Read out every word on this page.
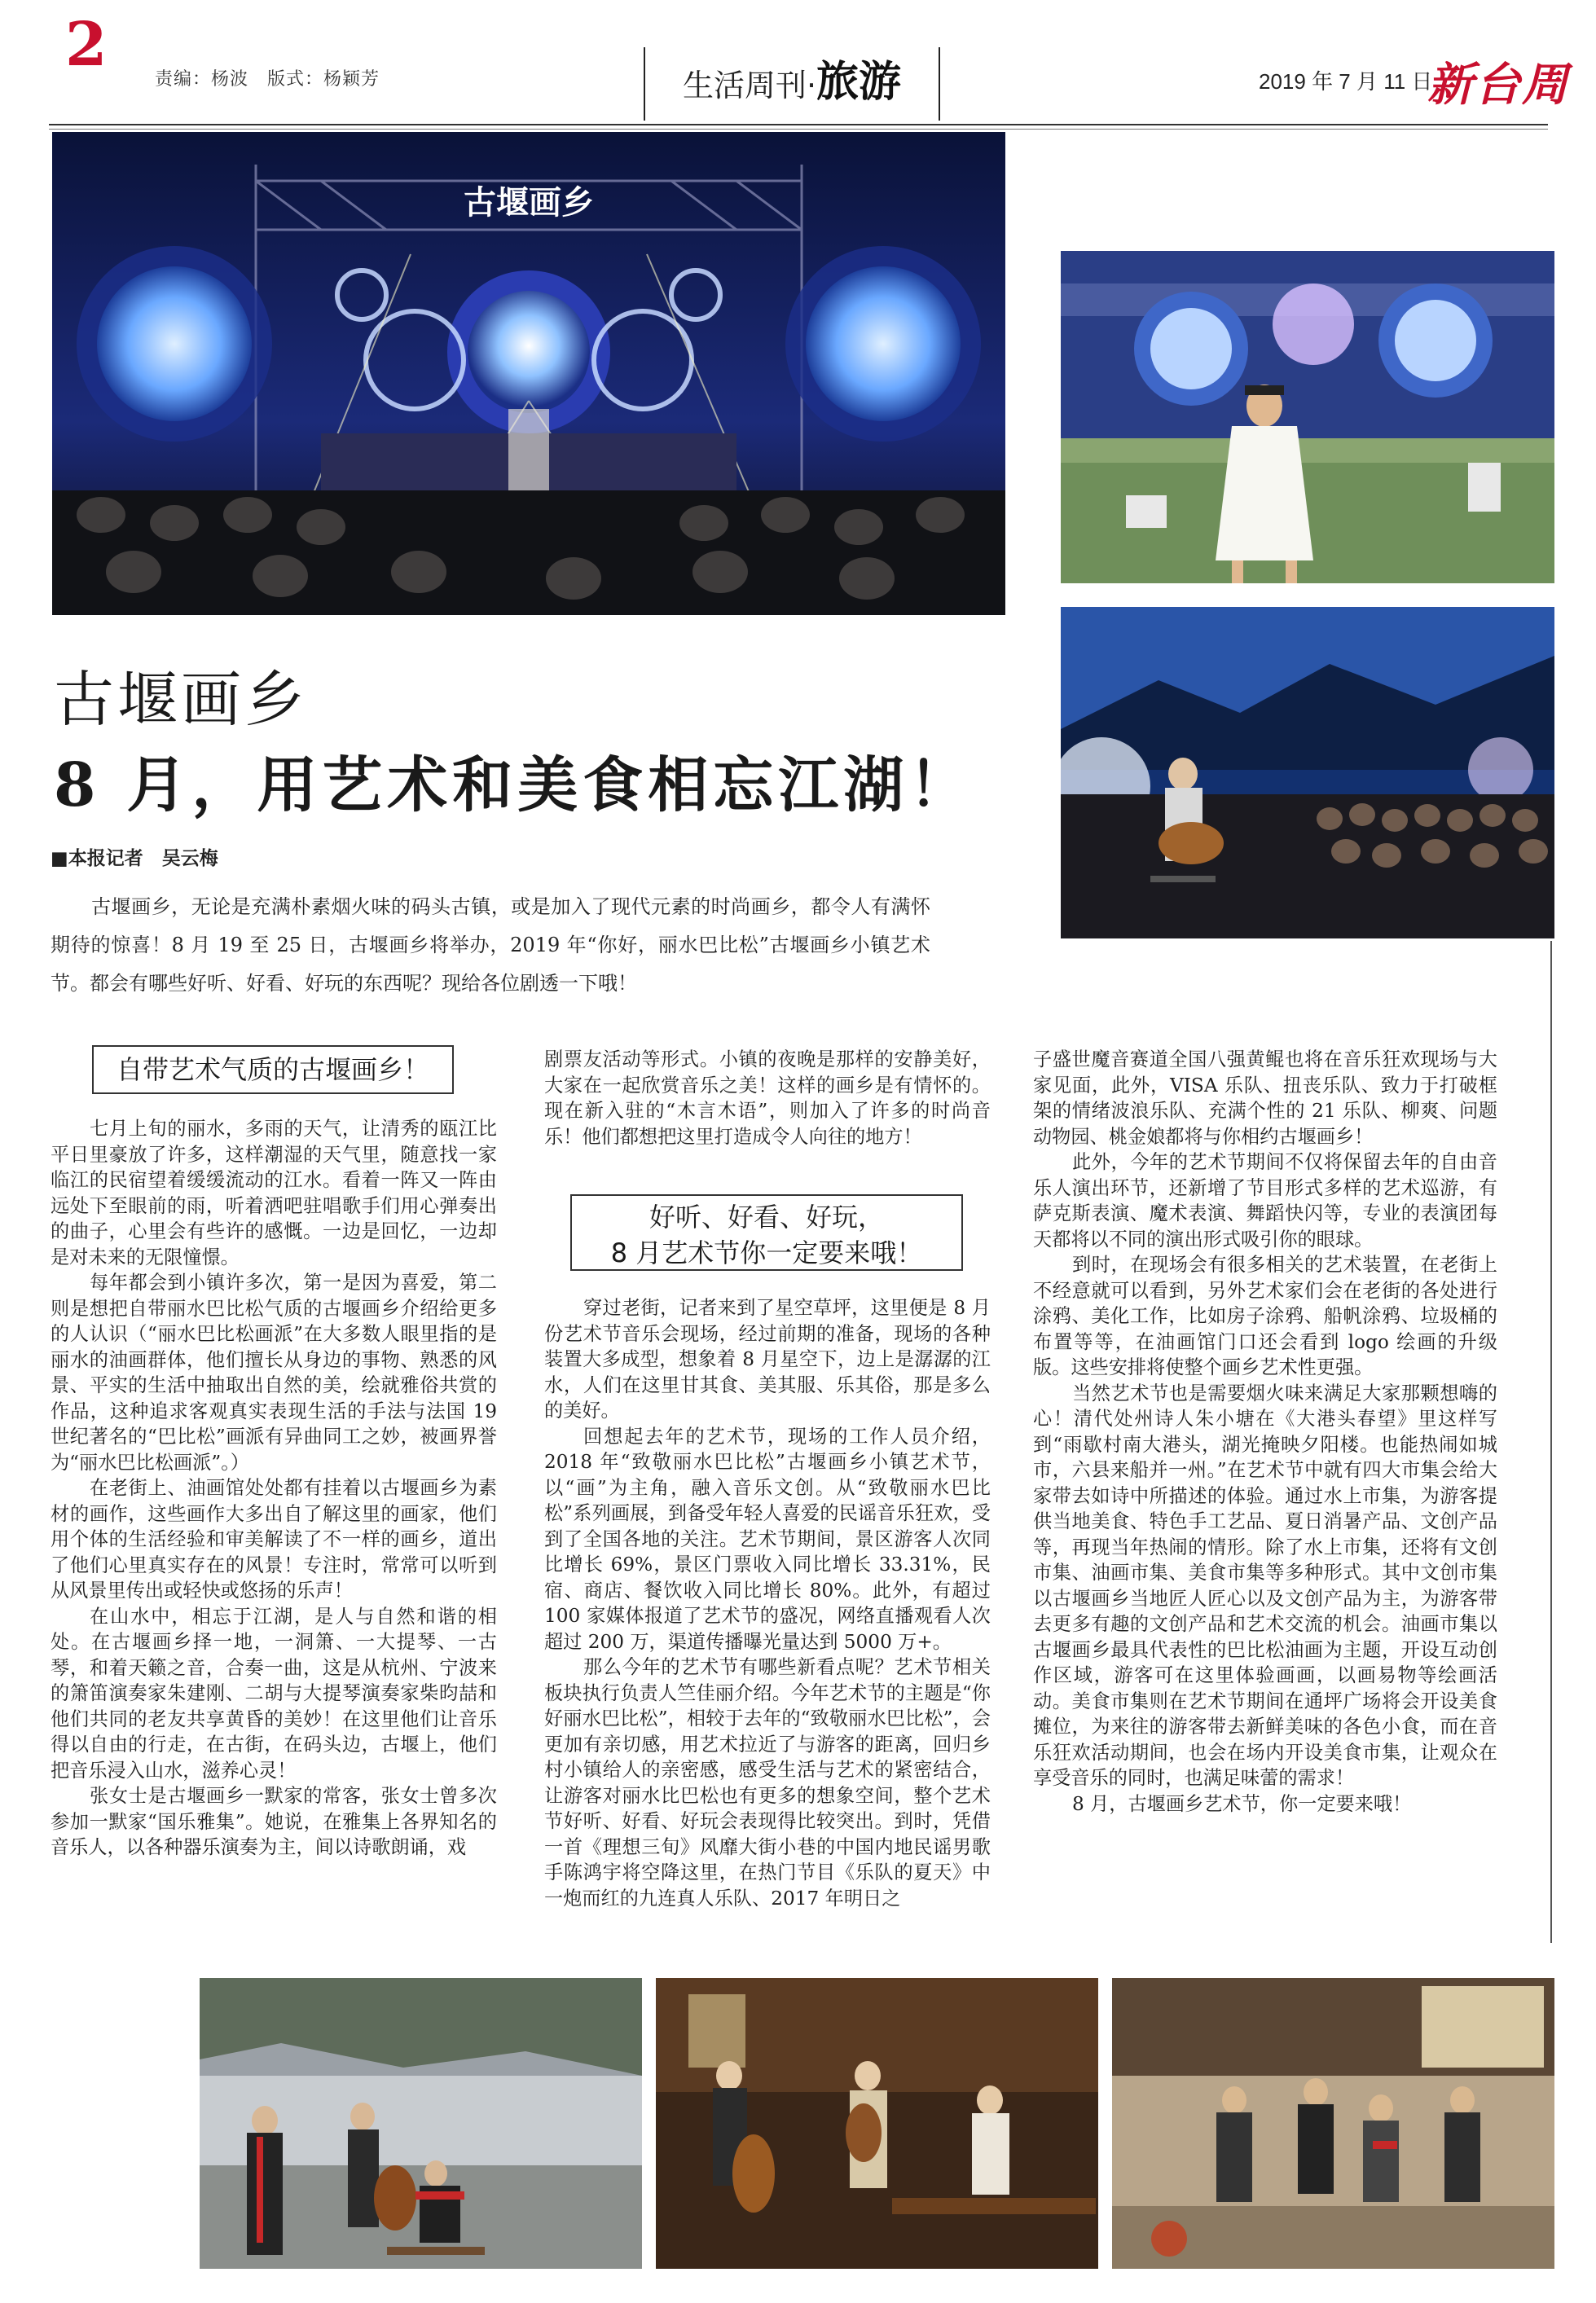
2	责编：杨波　版式：杨颖芳	生活周刊·旅游	2019 年 7 月 11 日
新台周
古堰画乡
古堰画乡
8 月，用艺术和美食相忘江湖！
■本报记者　吴云梅
古堰画乡，无论是充满朴素烟火味的码头古镇，或是加入了现代元素的时尚画乡，都令人有满怀期待的惊喜！8 月 19 至 25 日，古堰画乡将举办，2019 年“你好，丽水巴比松”古堰画乡小镇艺术节。都会有哪些好听、好看、好玩的东西呢？现给各位剧透一下哦！
自带艺术气质的古堰画乡！

七月上旬的丽水，多雨的天气，让清秀的瓯江比平日里豪放了许多，这样潮湿的天气里，随意找一家临江的民宿望着缓缓流动的江水。看着一阵又一阵由远处下至眼前的雨，听着洒吧驻唱歌手们用心弹奏出的曲子，心里会有些许的感慨。一边是回忆，一边却是对未来的无限憧憬。

每年都会到小镇许多次，第一是因为喜爱，第二则是想把自带丽水巴比松气质的古堰画乡介绍给更多的人认识（“丽水巴比松画派”在大多数人眼里指的是丽水的油画群体，他们擅长从身边的事物、熟悉的风景、平实的生活中抽取出自然的美，绘就雅俗共赏的作品，这种追求客观真实表现生活的手法与法国 19 世纪著名的“巴比松”画派有异曲同工之妙，被画界誉为“丽水巴比松画派”。）

在老街上、油画馆处处都有挂着以古堰画乡为素材的画作，这些画作大多出自了解这里的画家，他们用个体的生活经验和审美解读了不一样的画乡，道出了他们心里真实存在的风景！专注时，常常可以听到从风景里传出或轻快或悠扬的乐声！

在山水中，相忘于江湖，是人与自然和谐的相处。在古堰画乡择一地，一洞箫、一大提琴、一古琴，和着天籁之音，合奏一曲，这是从杭州、宁波来的箫笛演奏家朱建刚、二胡与大提琴演奏家柴昀喆和他们共同的老友共享黄昏的美妙！在这里他们让音乐得以自由的行走，在古街，在码头边，古堰上，他们把音乐浸入山水，滋养心灵！

张女士是古堰画乡一默家的常客，张女士曾多次参加一默家“国乐雅集”。她说，在雅集上各界知名的音乐人，以各种器乐演奏为主，间以诗歌朗诵，戏

剧票友活动等形式。小镇的夜晚是那样的安静美好，大家在一起欣赏音乐之美！这样的画乡是有情怀的。现在新入驻的“木言木语”，则加入了许多的时尚音乐！他们都想把这里打造成令人向往的地方！

好听、好看、好玩，
8 月艺术节你一定要来哦！

穿过老街，记者来到了星空草坪，这里便是 8 月份艺术节音乐会现场，经过前期的准备，现场的各种装置大多成型，想象着 8 月星空下，边上是潺潺的江水，人们在这里甘其食、美其服、乐其俗，那是多么的美好。

回想起去年的艺术节，现场的工作人员介绍，2018 年“致敬丽水巴比松”古堰画乡小镇艺术节，以“画”为主角，融入音乐文创。从“致敬丽水巴比松”系列画展，到备受年轻人喜爱的民谣音乐狂欢，受到了全国各地的关注。艺术节期间，景区游客人次同比增长 69%，景区门票收入同比增长 33.31%，民宿、商店、餐饮收入同比增长 80%。此外，有超过 100 家媒体报道了艺术节的盛况，网络直播观看人次超过 200 万，渠道传播曝光量达到 5000 万+。

那么今年的艺术节有哪些新看点呢？艺术节相关板块执行负责人竺佳丽介绍。今年艺术节的主题是“你好丽水巴比松”，相较于去年的“致敬丽水巴比松”，会更加有亲切感，用艺术拉近了与游客的距离，回归乡村小镇给人的亲密感，感受生活与艺术的紧密结合，让游客对丽水比巴松也有更多的想象空间，整个艺术节好听、好看、好玩会表现得比较突出。到时，凭借一首《理想三旬》风靡大街小巷的中国内地民谣男歌手陈鸿宇将空降这里，在热门节目《乐队的夏天》中一炮而红的九连真人乐队、2017 年明日之

子盛世魔音赛道全国八强黄鲲也将在音乐狂欢现场与大家见面，此外，VISA 乐队、扭丧乐队、致力于打破框架的情绪波浪乐队、充满个性的 21 乐队、柳爽、问题动物园、桃金娘都将与你相约古堰画乡！

此外，今年的艺术节期间不仅将保留去年的自由音乐人演出环节，还新增了节目形式多样的艺术巡游，有萨克斯表演、魔术表演、舞蹈快闪等，专业的表演团每天都将以不同的演出形式吸引你的眼球。

到时，在现场会有很多相关的艺术装置，在老街上不经意就可以看到，另外艺术家们会在老街的各处进行涂鸦、美化工作，比如房子涂鸦、船帆涂鸦、垃圾桶的布置等等，在油画馆门口还会看到 logo 绘画的升级版。这些安排将使整个画乡艺术性更强。

当然艺术节也是需要烟火味来满足大家那颗想嗨的心！清代处州诗人朱小塘在《大港头春望》里这样写到“雨歇村南大港头，湖光掩映夕阳楼。也能热闹如城市，六县来船并一州。”在艺术节中就有四大市集会给大家带去如诗中所描述的体验。通过水上市集，为游客提供当地美食、特色手工艺品、夏日消暑产品、文创产品等，再现当年热闹的情形。除了水上市集，还将有文创市集、油画市集、美食市集等多种形式。其中文创市集以古堰画乡当地匠人匠心以及文创产品为主，为游客带去更多有趣的文创产品和艺术交流的机会。油画市集以古堰画乡最具代表性的巴比松油画为主题，开设互动创作区域，游客可在这里体验画画，以画易物等绘画活动。美食市集则在艺术节期间在通坪广场将会开设美食摊位，为来往的游客带去新鲜美味的各色小食，而在音乐狂欢活动期间，也会在场内开设美食市集，让观众在享受音乐的同时，也满足味蕾的需求！

8 月，古堰画乡艺术节，你一定要来哦！
